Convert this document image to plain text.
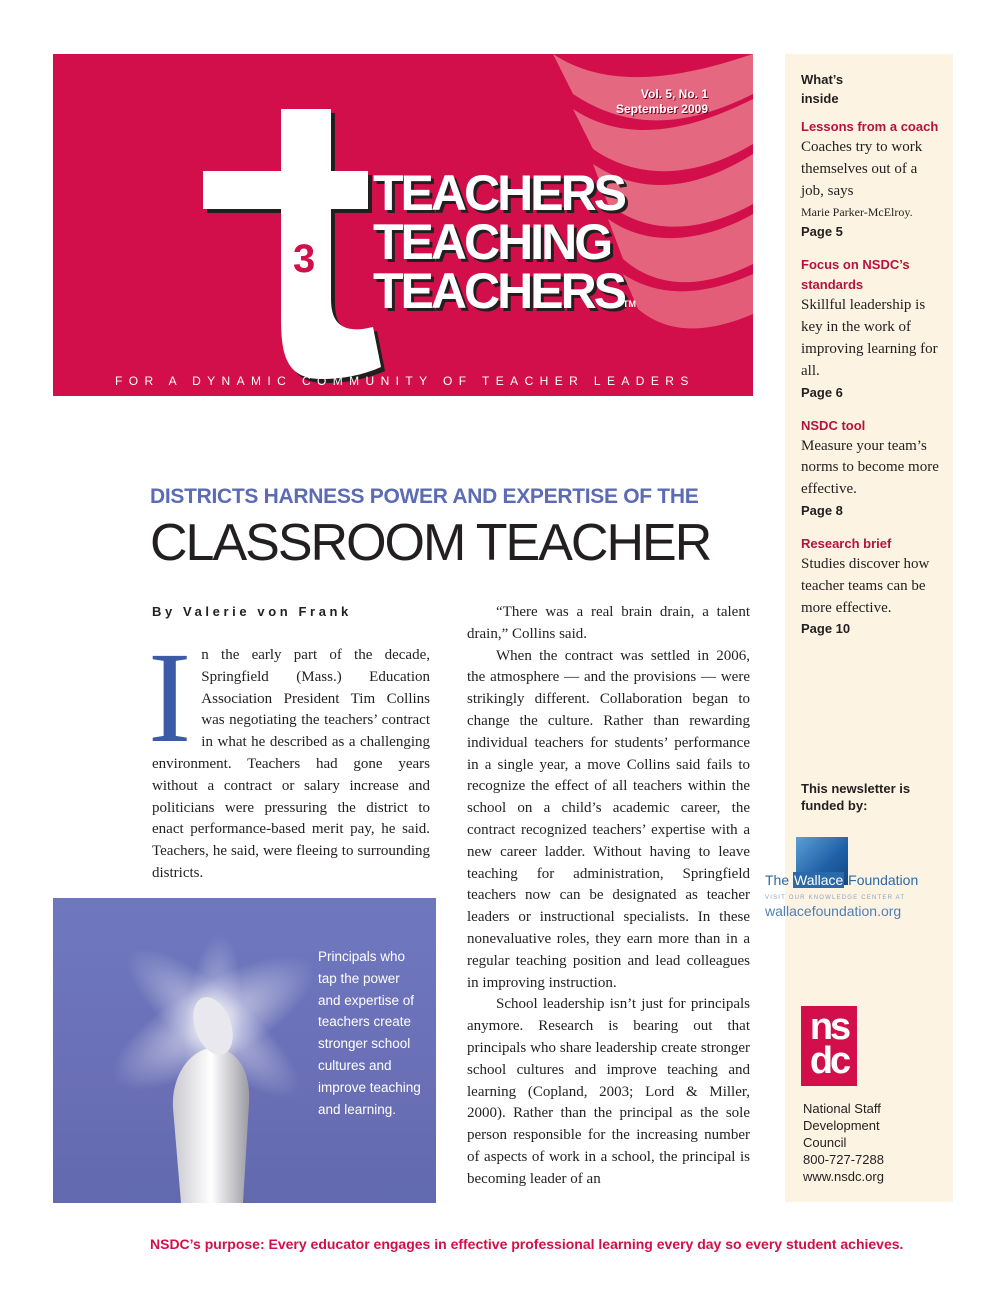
3
TEACHERS
TEACHING
TEACHERS
TM
Vol. 5, No. 1
September 2009
FOR A DYNAMIC COMMUNITY OF TEACHER LEADERS
What’s
inside
Lessons from a coach
Coaches try to work themselves out of a job, says
Marie Parker-McElroy.
Page 5
Focus on NSDC’s standards
Skillful leadership is key in the work of improving learning for all.
Page 6
NSDC tool
Measure your team’s norms to become more effective.
Page 8
Research brief
Studies discover how teacher teams can be more effective.
Page 10
This newsletter is funded by:
The Wallace Foundation
VISIT OUR KNOWLEDGE CENTER AT
wallacefoundation.org
ns
dc
National Staff
Development
Council
800-727-7288
www.nsdc.org
DISTRICTS HARNESS POWER AND EXPERTISE OF THE
CLASSROOM TEACHER
By Valerie von Frank
I n the early part of the decade, Springfield (Mass.) Education Association President Tim Collins was negotiating the teachers’ contract in what he described as a challenging environment. Teachers had gone years without a contract or salary increase and politicians were pressuring the district to enact performance-based merit pay, he said. Teachers, he said, were fleeing to surrounding districts.

Principals who tap the power and expertise of teachers create stronger school cultures and improve teaching and learning.

“There was a real brain drain, a talent drain,” Collins said.

When the contract was settled in 2006, the atmosphere — and the provisions — were strikingly different. Collaboration began to change the culture. Rather than rewarding individual teachers for students’ performance in a single year, a move Collins said fails to recognize the effect of all teachers within the school on a child’s academic career, the contract recognized teachers’ expertise with a new career ladder. Without having to leave teaching for administration, Springfield teachers now can be designated as teacher leaders or instructional specialists. In these nonevaluative roles, they earn more than in a regular teaching position and lead colleagues in improving instruction.

School leadership isn’t just for principals anymore. Research is bearing out that principals who share leadership create stronger school cultures and improve teaching and learning (Copland, 2003; Lord & Miller, 2000). Rather than the principal as the sole person responsible for the increasing number of aspects of work in a school, the principal is becoming leader of an

NSDC’s purpose: Every educator engages in effective professional learning every day so every student achieves.
